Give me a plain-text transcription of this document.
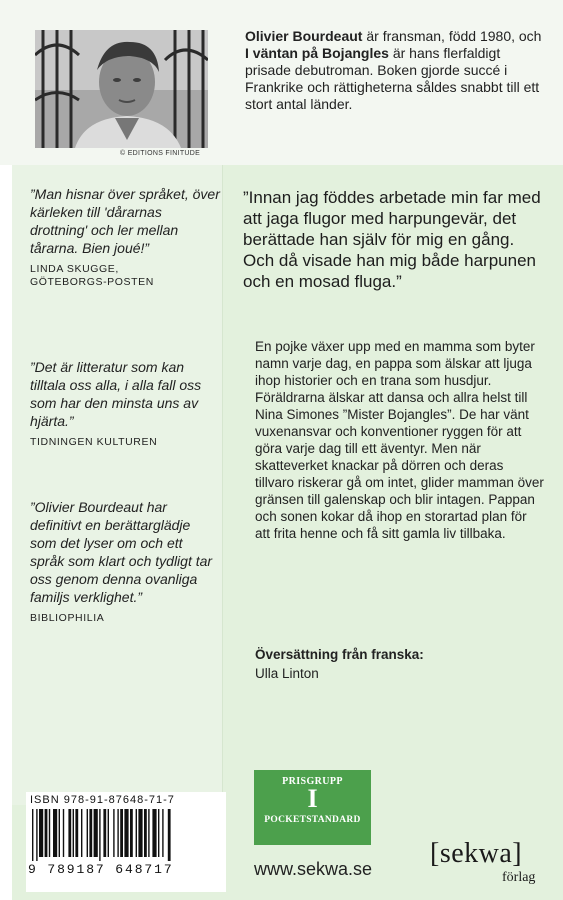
© EDITIONS FINITUDE
Olivier Bourdeaut är fransman, född 1980, och I väntan på Bojangles är hans flerfaldigt prisade debutroman. Boken gjorde succé i Frankrike och rättigheterna såldes snabbt till ett stort antal länder.

”Man hisnar över språket, över kärleken till 'dårarnas drottning' och ler mellan tårarna. Bien joué!”

LINDA SKUGGE,
GÖTEBORGS-POSTEN

”Det är litteratur som kan tilltala oss alla, i alla fall oss som har den minsta uns av hjärta.”

TIDNINGEN KULTUREN

”Olivier Bourdeaut har definitivt en berättarglädje som det lyser om och ett språk som klart och tydligt tar oss genom denna ovanliga familjs verklighet.”

BIBLIOPHILIA

”Innan jag föddes arbetade min far med att jaga flugor med harpungevär, det berättade han själv för mig en gång. Och då visade han mig både harpunen och en mosad fluga.”

En pojke växer upp med en mamma som byter namn varje dag, en pappa som älskar att ljuga ihop historier och en trana som husdjur. Föräldrarna älskar att dansa och allra helst till Nina Simones ”Mister Bojangles”. De har vänt vuxenansvar och konventioner ryggen för att göra varje dag till ett äventyr. Men när skatteverket knackar på dörren och deras tillvaro riskerar gå om intet, glider mamman över gränsen till galenskap och blir intagen. Pappan och sonen kokar då ihop en storartad plan för att frita henne och få sitt gamla liv tillbaka.

Översättning från franska:
Ulla Linton
PRISGRUPP
I
POCKETSTANDARD
www.sekwa.se [sekwa]
förlag
ISBN 978-91-87648-71-7
9 789187 648717
